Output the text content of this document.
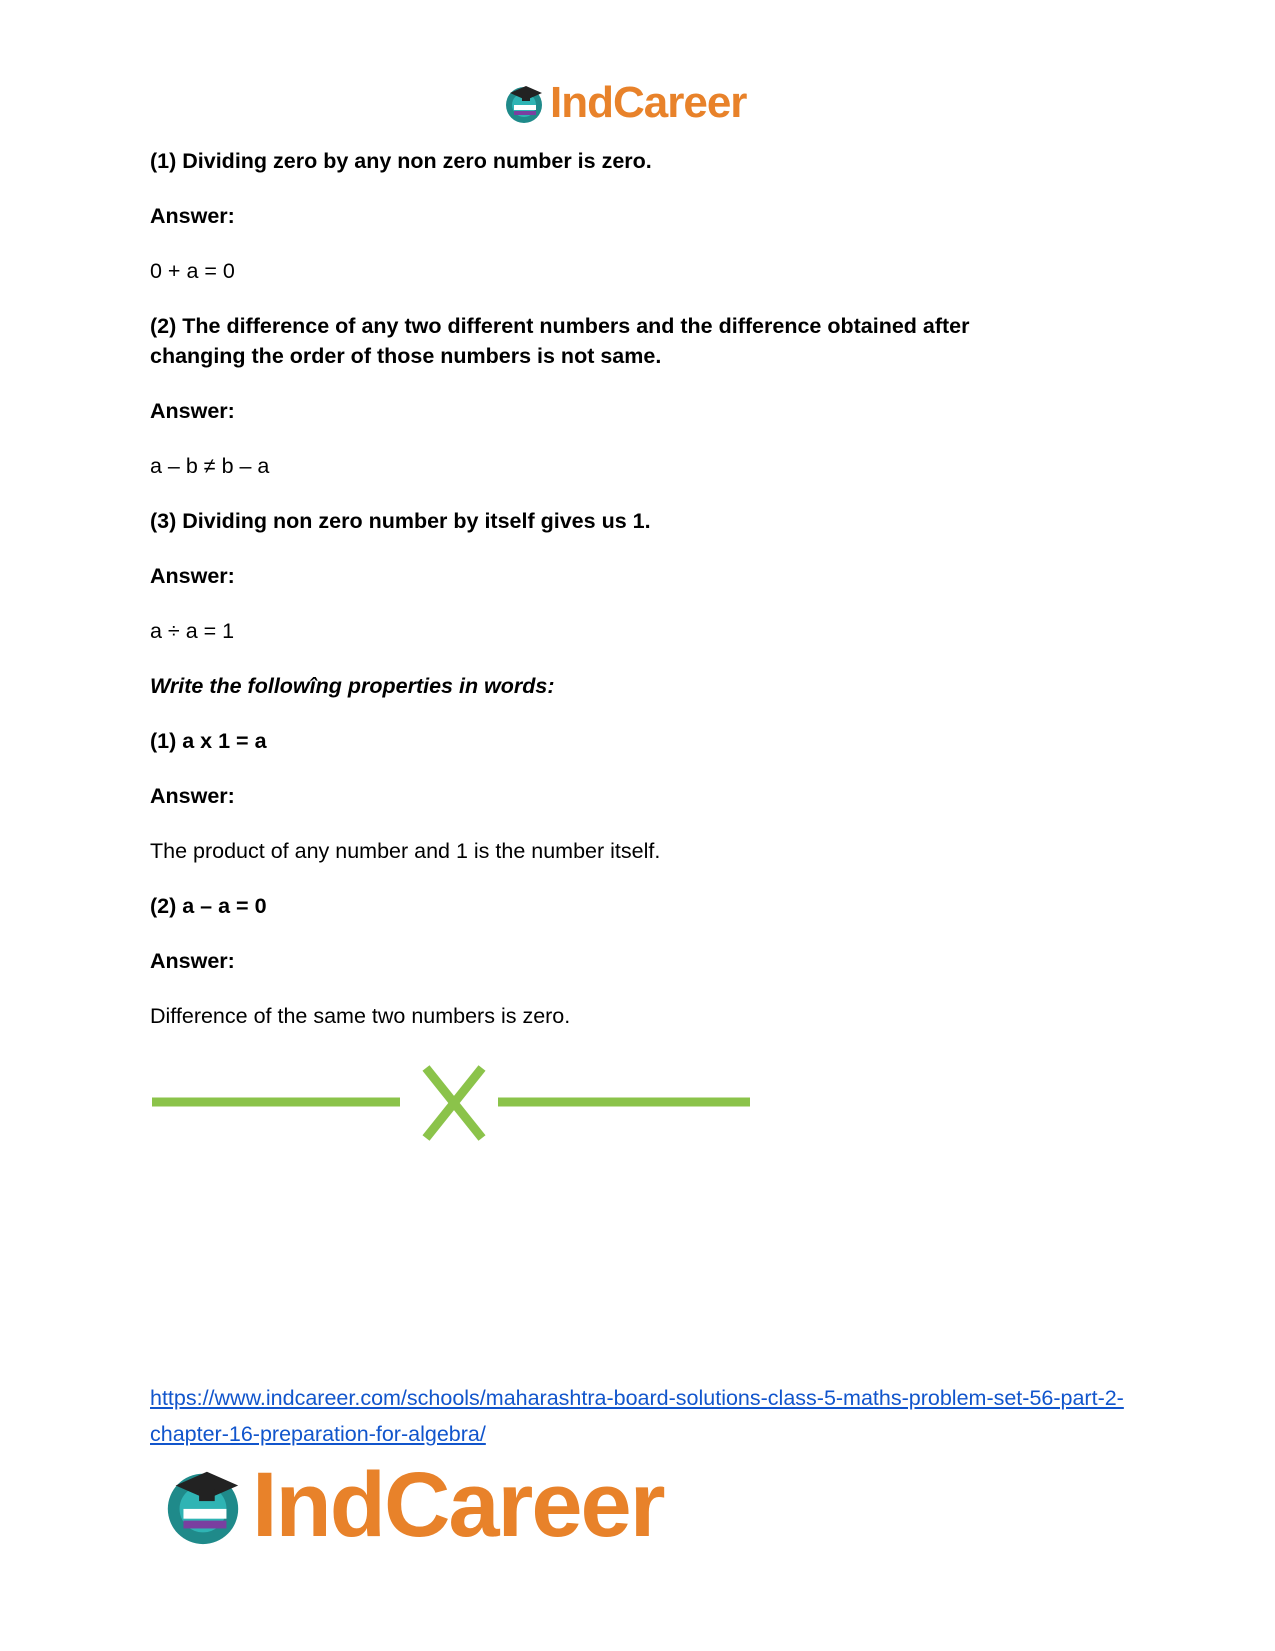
IndCareer
(1) Dividing zero by any non zero number is zero.
Answer:
0 + a = 0
(2) The difference of any two different numbers and the difference obtained after changing the order of those numbers is not same.
Answer:
a – b ≠ b – a
(3) Dividing non zero number by itself gives us 1.
Answer:
a ÷ a = 1
Write the followîng properties in words:
(1) a x 1 = a
Answer:
The product of any number and 1 is the number itself.
(2) a – a = 0
Answer:
Difference of the same two numbers is zero.
https://www.indcareer.com/schools/maharashtra-board-solutions-class-5-maths-problem-set-56-part-2-chapter-16-preparation-for-algebra/
IndCareer
